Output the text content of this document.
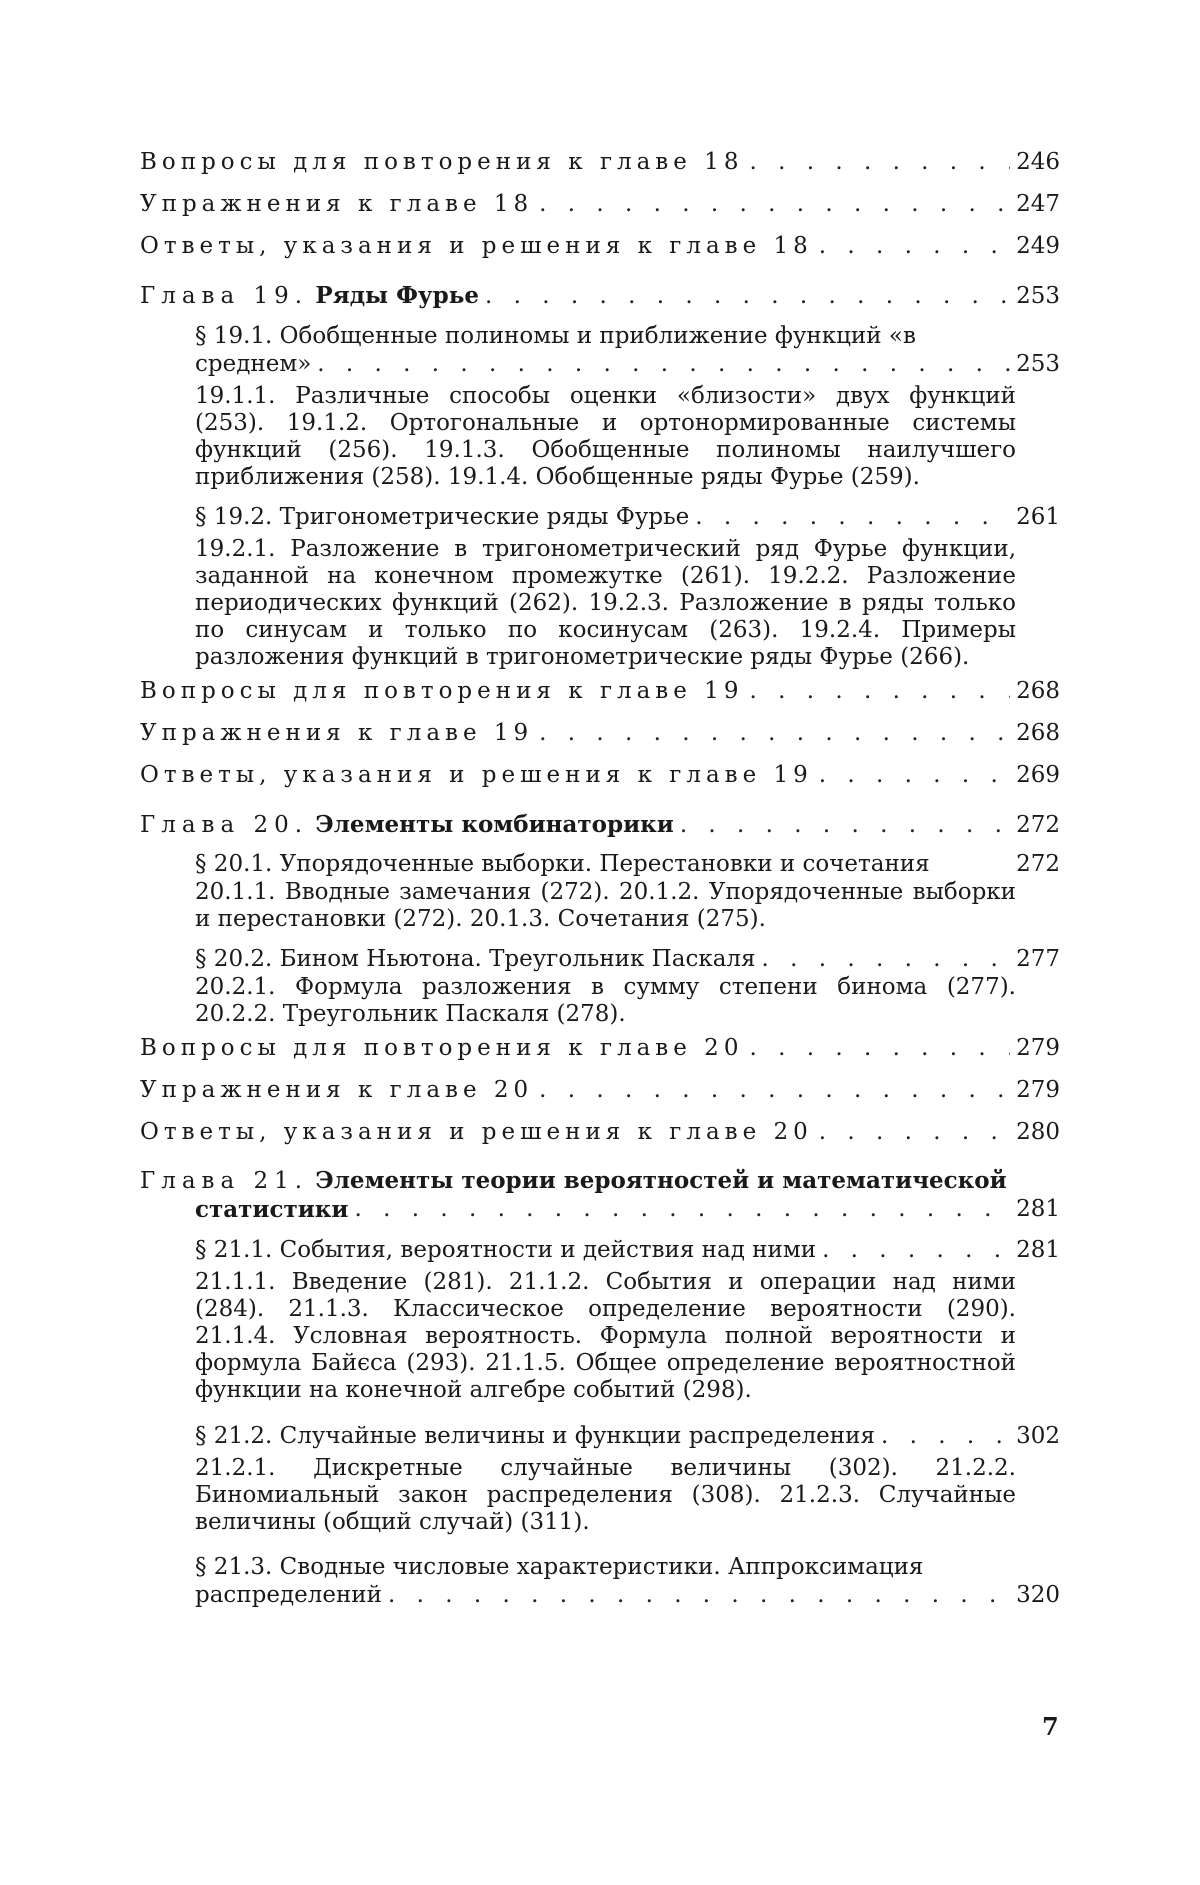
Вопросы для повторения к главе 18 . . .	246
Упражнения к главе 18 . . .	247
Ответы, указания и решения к главе 18 . . .	249
Глава 19. Ряды Фурье . . .	253
§ 19.1. Обобщенные полиномы и приближение функций «в
среднем» . . .	253
19.1.1. Различные способы оценки «близости» двух функций (253). 19.1.2. Ортогональные и ортонормированные системы функций (256). 19.1.3. Обобщенные полиномы наилучшего приближения (258). 19.1.4. Обобщенные ряды Фурье (259).
§ 19.2. Тригонометрические ряды Фурье . . .	261
19.2.1. Разложение в тригонометрический ряд Фурье функции, заданной на конечном промежутке (261). 19.2.2. Разложение периодических функций (262). 19.2.3. Разложение в ряды только по синусам и только по косинусам (263). 19.2.4. Примеры разложения функций в тригонометрические ряды Фурье (266).
Вопросы для повторения к главе 19 . . .	268
Упражнения к главе 19 . . .	268
Ответы, указания и решения к главе 19 . . .	269
Глава 20. Элементы комбинаторики . . .	272
§ 20.1. Упорядоченные выборки. Перестановки и сочетания	272
20.1.1. Вводные замечания (272). 20.1.2. Упорядоченные выборки и перестановки (272). 20.1.3. Сочетания (275).
§ 20.2. Бином Ньютона. Треугольник Паскаля . . .	277
20.2.1. Формула разложения в сумму степени бинома (277). 20.2.2. Треугольник Паскаля (278).
Вопросы для повторения к главе 20 . . .	279
Упражнения к главе 20 . . .	279
Ответы, указания и решения к главе 20 . . .	280
Глава 21. Элементы теории вероятностей и математической
статистики . . .	281
§ 21.1. События, вероятности и действия над ними . . .	281
21.1.1. Введение (281). 21.1.2. События и операции над ними (284). 21.1.3. Классическое определение вероятности (290). 21.1.4. Условная вероятность. Формула полной вероятности и формула Байєса (293). 21.1.5. Общее определение вероятностной функции на конечной алгебре событий (298).
§ 21.2. Случайные величины и функции распределения . . .	302
21.2.1. Дискретные случайные величины (302). 21.2.2. Биномиальный закон распределения (308). 21.2.3. Случайные величины (общий случай) (311).
§ 21.3. Сводные числовые характеристики. Аппроксимация
распределений . . .	320
7
